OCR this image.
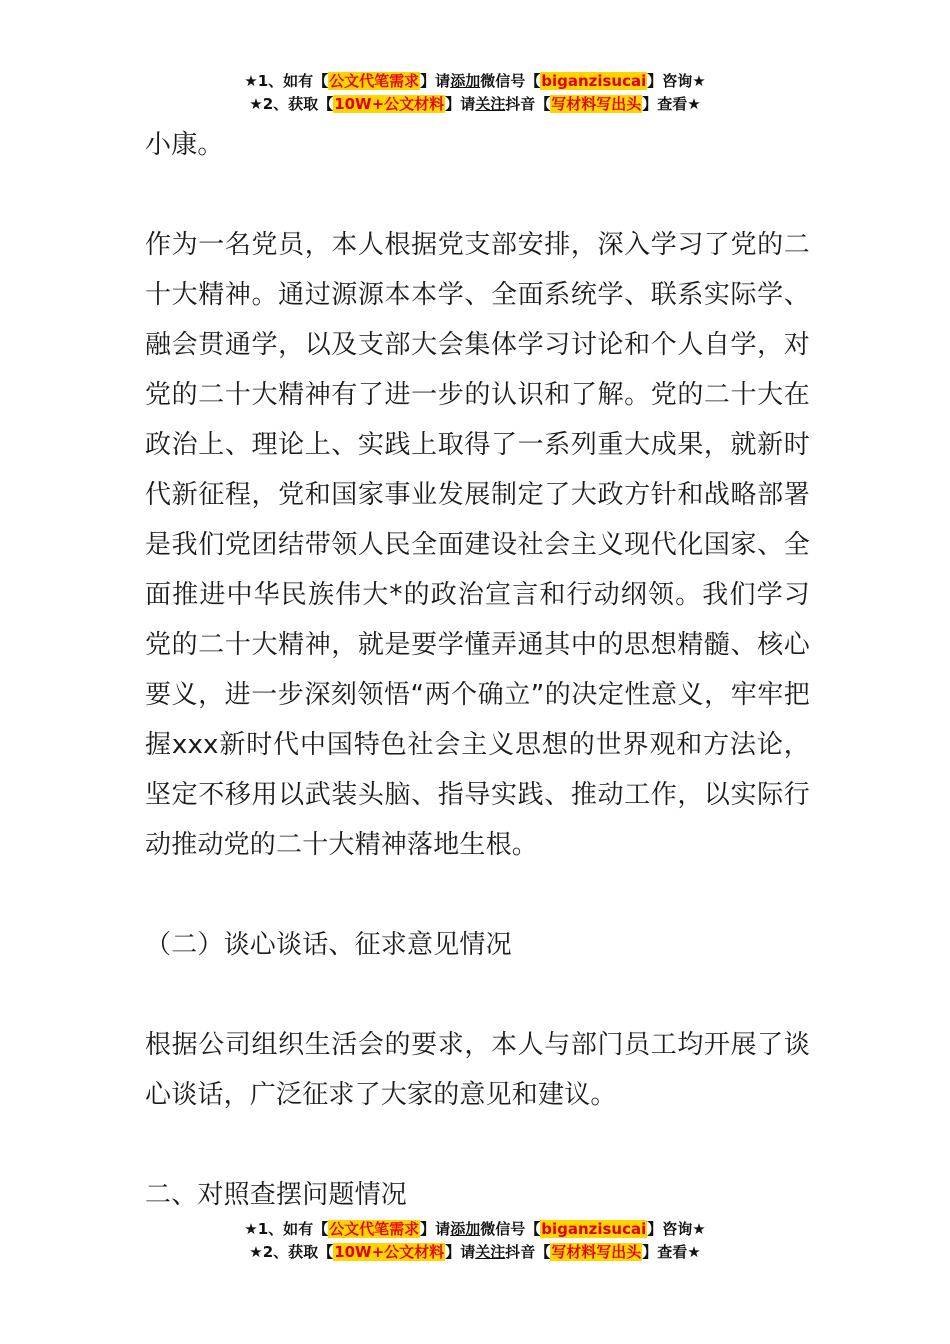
★1、如有【公文代笔需求】请添加微信号【biganzisucai】咨询★
★2、获取【10W+公文材料】请关注抖音【写材料写出头】查看★

小康。

作为一名党员，本人根据党支部安排，深入学习了党的二十大精神。通过源源本本学、全面系统学、联系实际学、融会贯通学，以及支部大会集体学习讨论和个人自学，对党的二十大精神有了进一步的认识和了解。党的二十大在政治上、理论上、实践上取得了一系列重大成果，就新时代新征程，党和国家事业发展制定了大政方针和战略部署是我们党团结带领人民全面建设社会主义现代化国家、全面推进中华民族伟大*的政治宣言和行动纲领。我们学习党的二十大精神，就是要学懂弄通其中的思想精髓、核心要义，进一步深刻领悟“两个确立”的决定性意义，牢牢把握xxx新时代中国特色社会主义思想的世界观和方法论，坚定不移用以武装头脑、指导实践、推动工作，以实际行动推动党的二十大精神落地生根。

（二）谈心谈话、征求意见情况

根据公司组织生活会的要求，本人与部门员工均开展了谈心谈话，广泛征求了大家的意见和建议。

二、对照查摆问题情况

★1、如有【公文代笔需求】请添加微信号【biganzisucai】咨询★
★2、获取【10W+公文材料】请关注抖音【写材料写出头】查看★
